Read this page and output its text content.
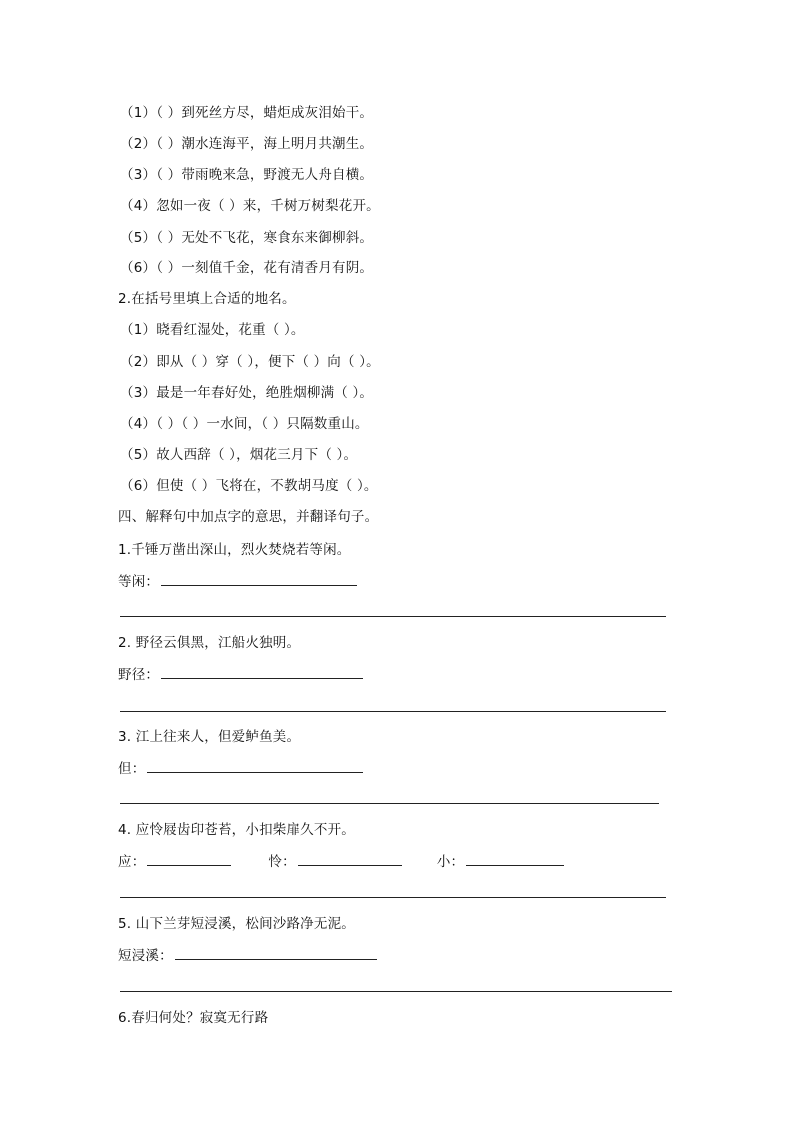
（1）（ ）到死丝方尽，蜡炬成灰泪始干。
（2）（ ）潮水连海平，海上明月共潮生。
（3）（ ）带雨晚来急，野渡无人舟自横。
（4）忽如一夜（ ）来，千树万树梨花开。
（5）（ ）无处不飞花，寒食东来御柳斜。
（6）（ ）一刻值千金，花有清香月有阴。
2.在括号里填上合适的地名。
（1）晓看红湿处，花重（ ）。
（2）即从（ ）穿（ ），便下（ ）向（ ）。
（3）最是一年春好处，绝胜烟柳满（ ）。
（4）（ ）（ ）一水间，（ ）只隔数重山。
（5）故人西辞（ ），烟花三月下（ ）。
（6）但使（ ）飞将在，不教胡马度（ ）。
四、解释句中加点字的意思，并翻译句子。
1.千锤万凿出深山，烈火焚烧若等闲。
等闲：
2. 野径云俱黑，江船火独明。
野径：
3. 江上往来人，但爱鲈鱼美。
但：
4. 应怜屐齿印苍苔，小扣柴扉久不开。
应：	怜：	小：
5. 山下兰芽短浸溪，松间沙路净无泥。
短浸溪：
6.春归何处？寂寞无行路
